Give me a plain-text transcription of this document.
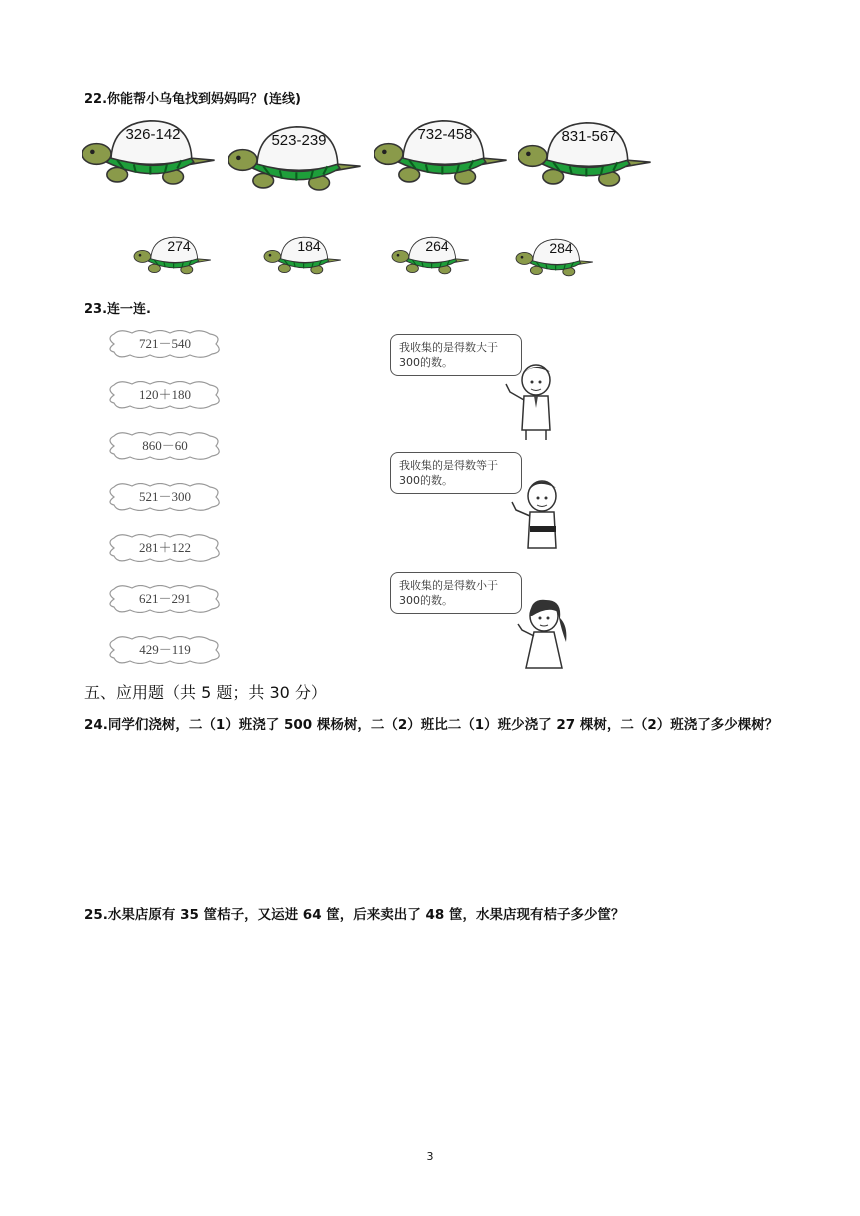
22.你能帮小乌龟找到妈妈吗？(连线)
326-142	523-239	732-458	831-567
274	184	264	284
23.连一连.
721－540
120＋180
860－60
521－300
281＋122
621－291
429－119
我收集的是得数大于300的数。
我收集的是得数等于300的数。
我收集的是得数小于300的数。
五、应用题（共 5 题；共 30 分）
24.同学们浇树，二（1）班浇了 500 棵杨树，二（2）班比二（1）班少浇了 27 棵树，二（2）班浇了多少棵树？
25.水果店原有 35 筐桔子，又运进 64 筐，后来卖出了 48 筐，水果店现有桔子多少筐？
3
